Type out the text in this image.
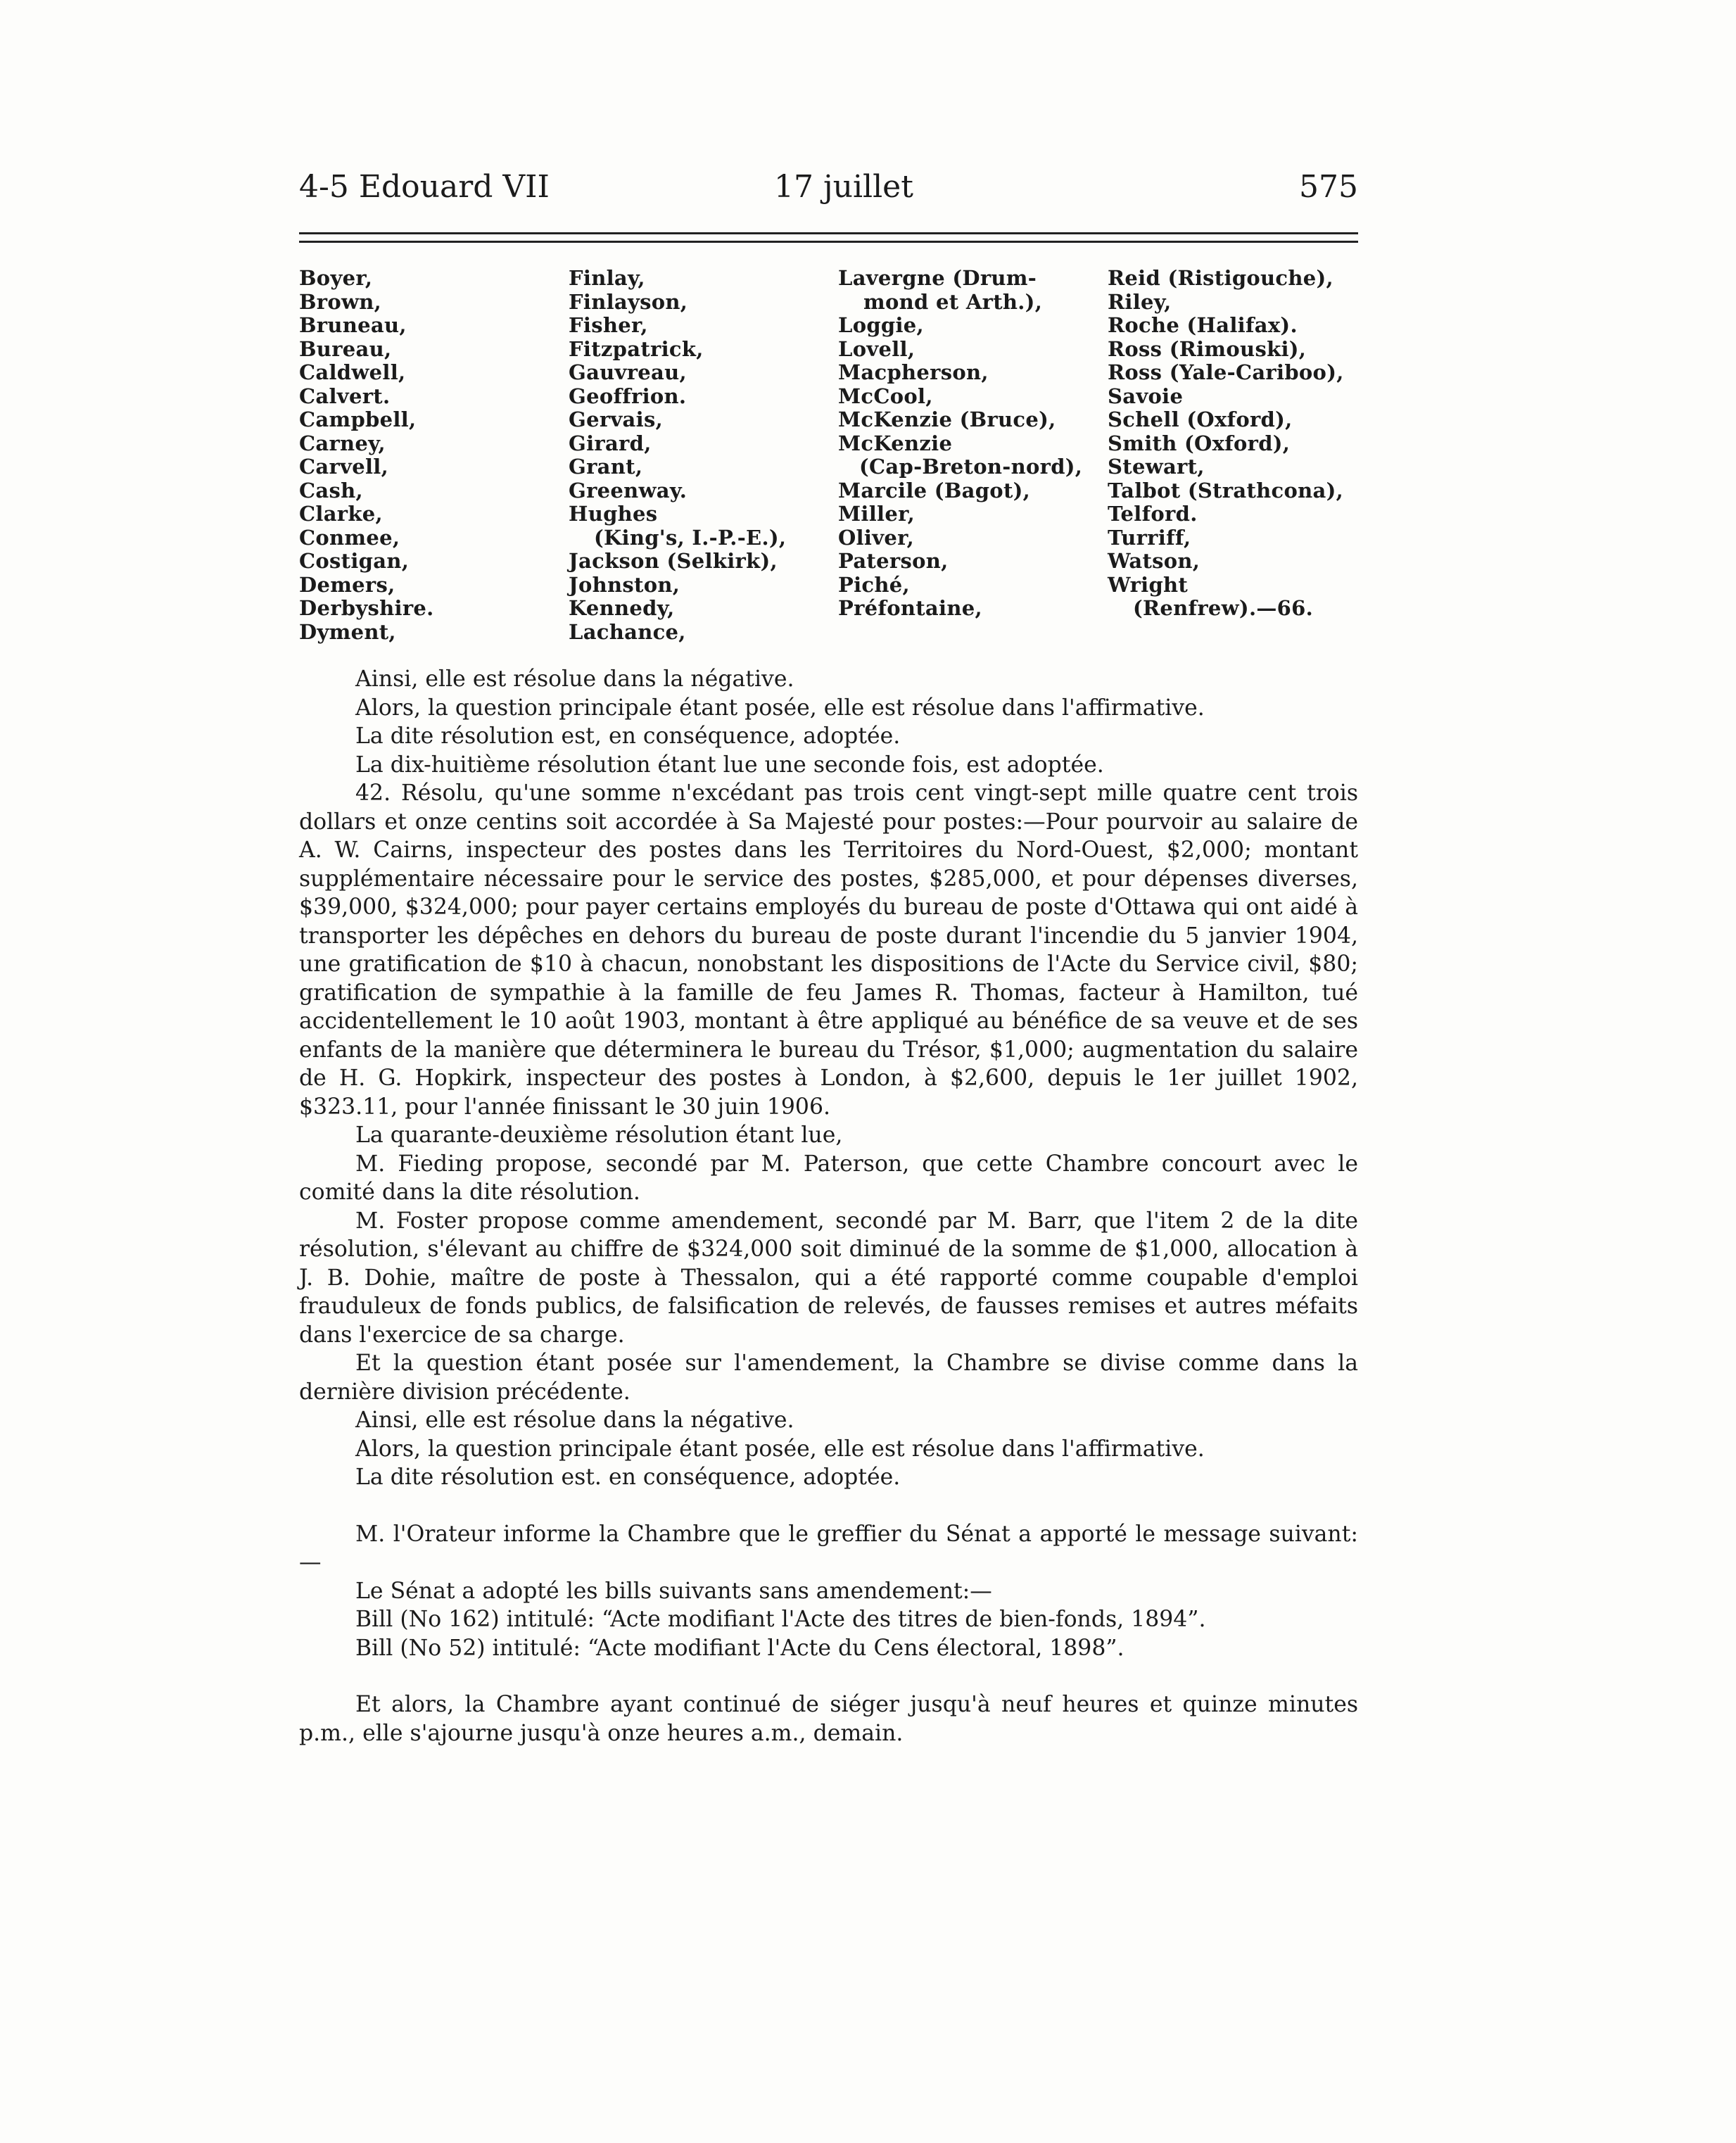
4-5 Edouard VII	17 juillet	575
Boyer,
Brown,
Bruneau,
Bureau,
Caldwell,
Calvert.
Campbell,
Carney,
Carvell,
Cash,
Clarke,
Conmee,
Costigan,
Demers,
Derbyshire.
Dyment,
Finlay,
Finlayson,
Fisher,
Fitzpatrick,
Gauvreau,
Geoffrion.
Gervais,
Girard,
Grant,
Greenway.
Hughes
(King's, I.-P.-E.),
Jackson (Selkirk),
Johnston,
Kennedy,
Lachance,
Lavergne (Drum-
mond et Arth.),
Loggie,
Lovell,
Macpherson,
McCool,
McKenzie (Bruce),
McKenzie
(Cap-Breton-nord),
Marcile (Bagot),
Miller,
Oliver,
Paterson,
Piché,
Préfontaine,
Reid (Ristigouche),
Riley,
Roche (Halifax).
Ross (Rimouski),
Ross (Yale-Cariboo),
Savoie
Schell (Oxford),
Smith (Oxford),
Stewart,
Talbot (Strathcona),
Telford.
Turriff,
Watson,
Wright
(Renfrew).—66.

Ainsi, elle est résolue dans la négative.

Alors, la question principale étant posée, elle est résolue dans l'affirmative.

La dite résolution est, en conséquence, adoptée.

La dix-huitième résolution étant lue une seconde fois, est adoptée.

42. Résolu, qu'une somme n'excédant pas trois cent vingt-sept mille quatre cent trois dollars et onze centins soit accordée à Sa Majesté pour postes:—Pour pourvoir au salaire de A. W. Cairns, inspecteur des postes dans les Territoires du Nord-Ouest, $2,000; montant supplémentaire nécessaire pour le service des postes, $285,000, et pour dépenses diverses, $39,000, $324,000; pour payer certains employés du bureau de poste d'Ottawa qui ont aidé à transporter les dépêches en dehors du bureau de poste durant l'incendie du 5 janvier 1904, une gratification de $10 à chacun, nonobstant les dispositions de l'Acte du Service civil, $80; gratification de sympathie à la famille de feu James R. Thomas, facteur à Hamilton, tué accidentellement le 10 août 1903, montant à être appliqué au bénéfice de sa veuve et de ses enfants de la manière que déterminera le bureau du Trésor, $1,000; augmentation du salaire de H. G. Hopkirk, inspecteur des postes à London, à $2,600, depuis le 1er juillet 1902, $323.11, pour l'année finissant le 30 juin 1906.

La quarante-deuxième résolution étant lue,

M. Fieding propose, secondé par M. Paterson, que cette Chambre concourt avec le comité dans la dite résolution.

M. Foster propose comme amendement, secondé par M. Barr, que l'item 2 de la dite résolution, s'élevant au chiffre de $324,000 soit diminué de la somme de $1,000, allocation à J. B. Dohie, maître de poste à Thessalon, qui a été rapporté comme coupable d'emploi frauduleux de fonds publics, de falsification de relevés, de fausses remises et autres méfaits dans l'exercice de sa charge.

Et la question étant posée sur l'amendement, la Chambre se divise comme dans la dernière division précédente.

Ainsi, elle est résolue dans la négative.

Alors, la question principale étant posée, elle est résolue dans l'affirmative.

La dite résolution est. en conséquence, adoptée.

M. l'Orateur informe la Chambre que le greffier du Sénat a apporté le message suivant:—

Le Sénat a adopté les bills suivants sans amendement:—

Bill (No 162) intitulé: “Acte modifiant l'Acte des titres de bien-fonds, 1894”.

Bill (No 52) intitulé: “Acte modifiant l'Acte du Cens électoral, 1898”.

Et alors, la Chambre ayant continué de siéger jusqu'à neuf heures et quinze minutes p.m., elle s'ajourne jusqu'à onze heures a.m., demain.
